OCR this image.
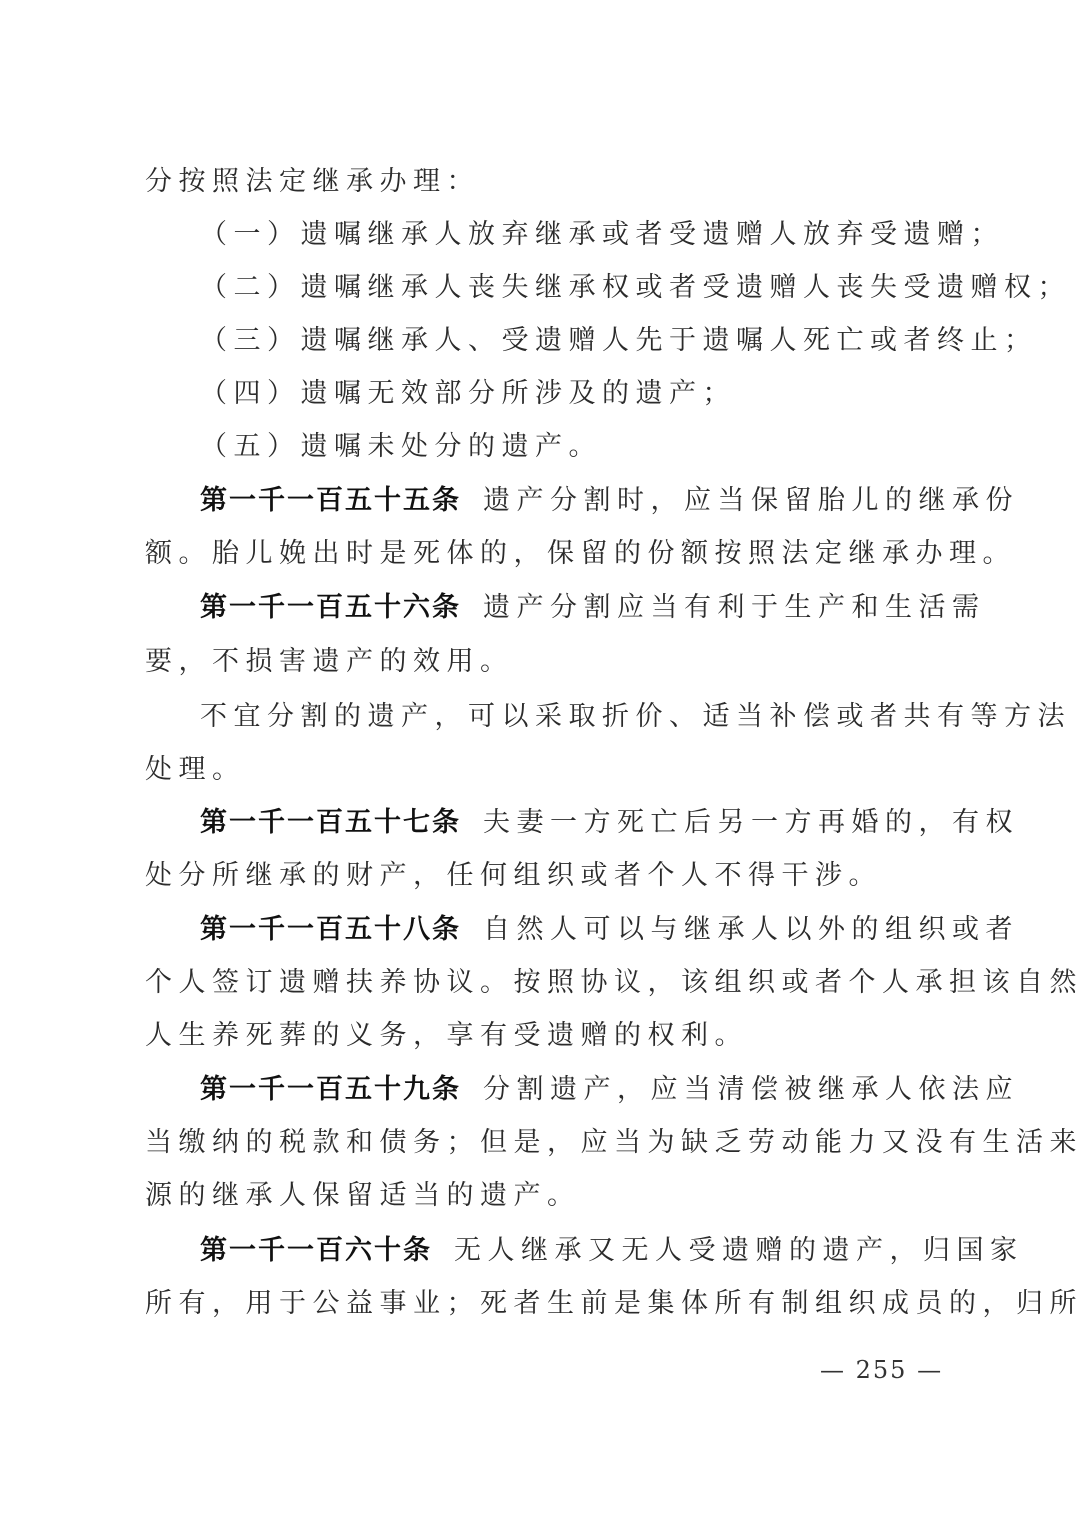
分按照法定继承办理：
（一）遗嘱继承人放弃继承或者受遗赠人放弃受遗赠；
（二）遗嘱继承人丧失继承权或者受遗赠人丧失受遗赠权；
（三）遗嘱继承人、受遗赠人先于遗嘱人死亡或者终止；
（四）遗嘱无效部分所涉及的遗产；
（五）遗嘱未处分的遗产。
第一千一百五十五条 遗产分割时，应当保留胎儿的继承份
额。胎儿娩出时是死体的，保留的份额按照法定继承办理。
第一千一百五十六条 遗产分割应当有利于生产和生活需
要，不损害遗产的效用。
不宜分割的遗产，可以采取折价、适当补偿或者共有等方法
处理。
第一千一百五十七条 夫妻一方死亡后另一方再婚的，有权
处分所继承的财产，任何组织或者个人不得干涉。
第一千一百五十八条 自然人可以与继承人以外的组织或者
个人签订遗赠扶养协议。按照协议，该组织或者个人承担该自然
人生养死葬的义务，享有受遗赠的权利。
第一千一百五十九条 分割遗产，应当清偿被继承人依法应
当缴纳的税款和债务；但是，应当为缺乏劳动能力又没有生活来
源的继承人保留适当的遗产。
第一千一百六十条 无人继承又无人受遗赠的遗产，归国家
所有，用于公益事业；死者生前是集体所有制组织成员的，归所
— 255 —
